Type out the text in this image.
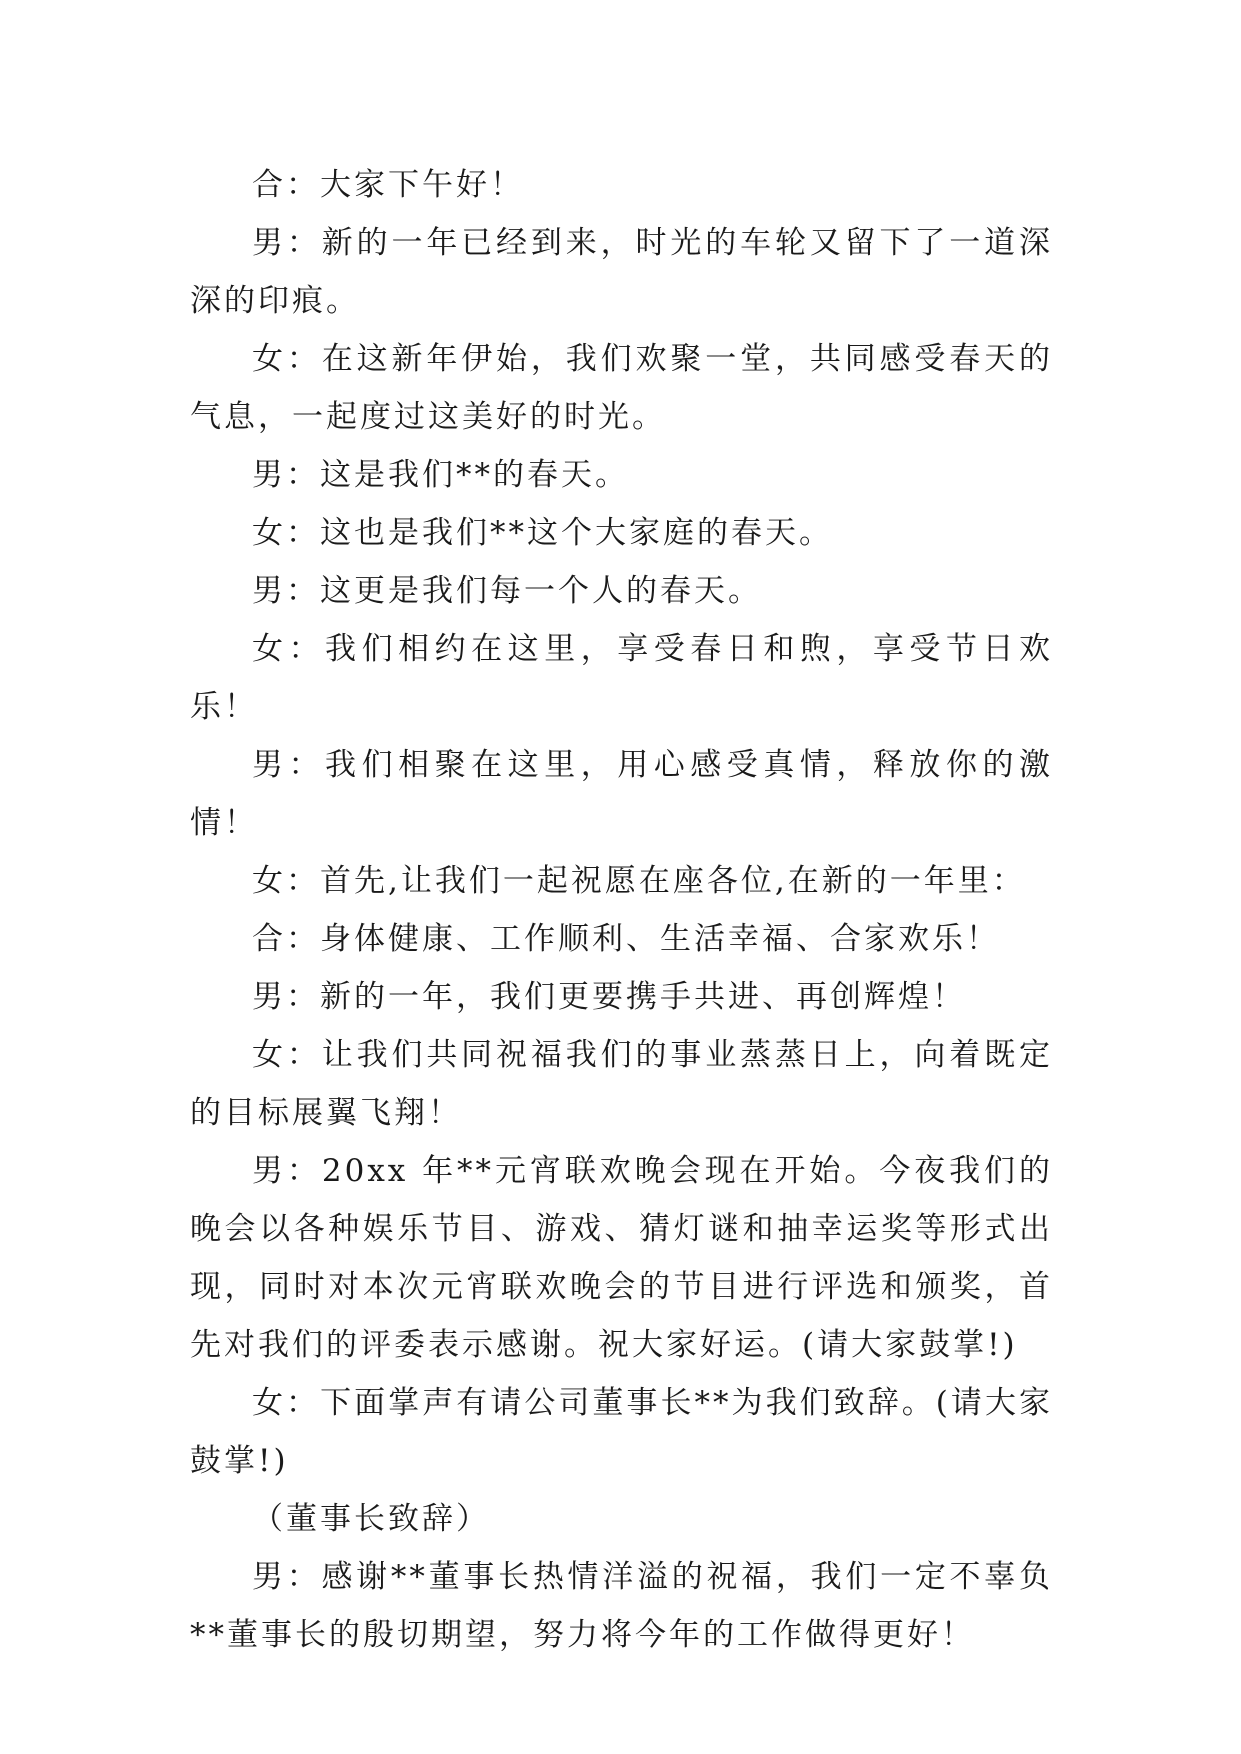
合：大家下午好！

男：新的一年已经到来，时光的车轮又留下了一道深深的印痕。

女：在这新年伊始，我们欢聚一堂，共同感受春天的气息，一起度过这美好的时光。

男：这是我们**的春天。

女：这也是我们**这个大家庭的春天。

男：这更是我们每一个人的春天。

女：我们相约在这里，享受春日和煦，享受节日欢乐！

男：我们相聚在这里，用心感受真情，释放你的激情！

女：首先,让我们一起祝愿在座各位,在新的一年里：

合：身体健康、工作顺利、生活幸福、合家欢乐！

男：新的一年，我们更要携手共进、再创辉煌！

女：让我们共同祝福我们的事业蒸蒸日上，向着既定的目标展翼飞翔！

男：20xx 年**元宵联欢晚会现在开始。今夜我们的晚会以各种娱乐节目、游戏、猜灯谜和抽幸运奖等形式出现，同时对本次元宵联欢晚会的节目进行评选和颁奖，首先对我们的评委表示感谢。祝大家好运。(请大家鼓掌!)

女：下面掌声有请公司董事长**为我们致辞。(请大家鼓掌!)

（董事长致辞）

男：感谢**董事长热情洋溢的祝福，我们一定不辜负**董事长的殷切期望，努力将今年的工作做得更好！
